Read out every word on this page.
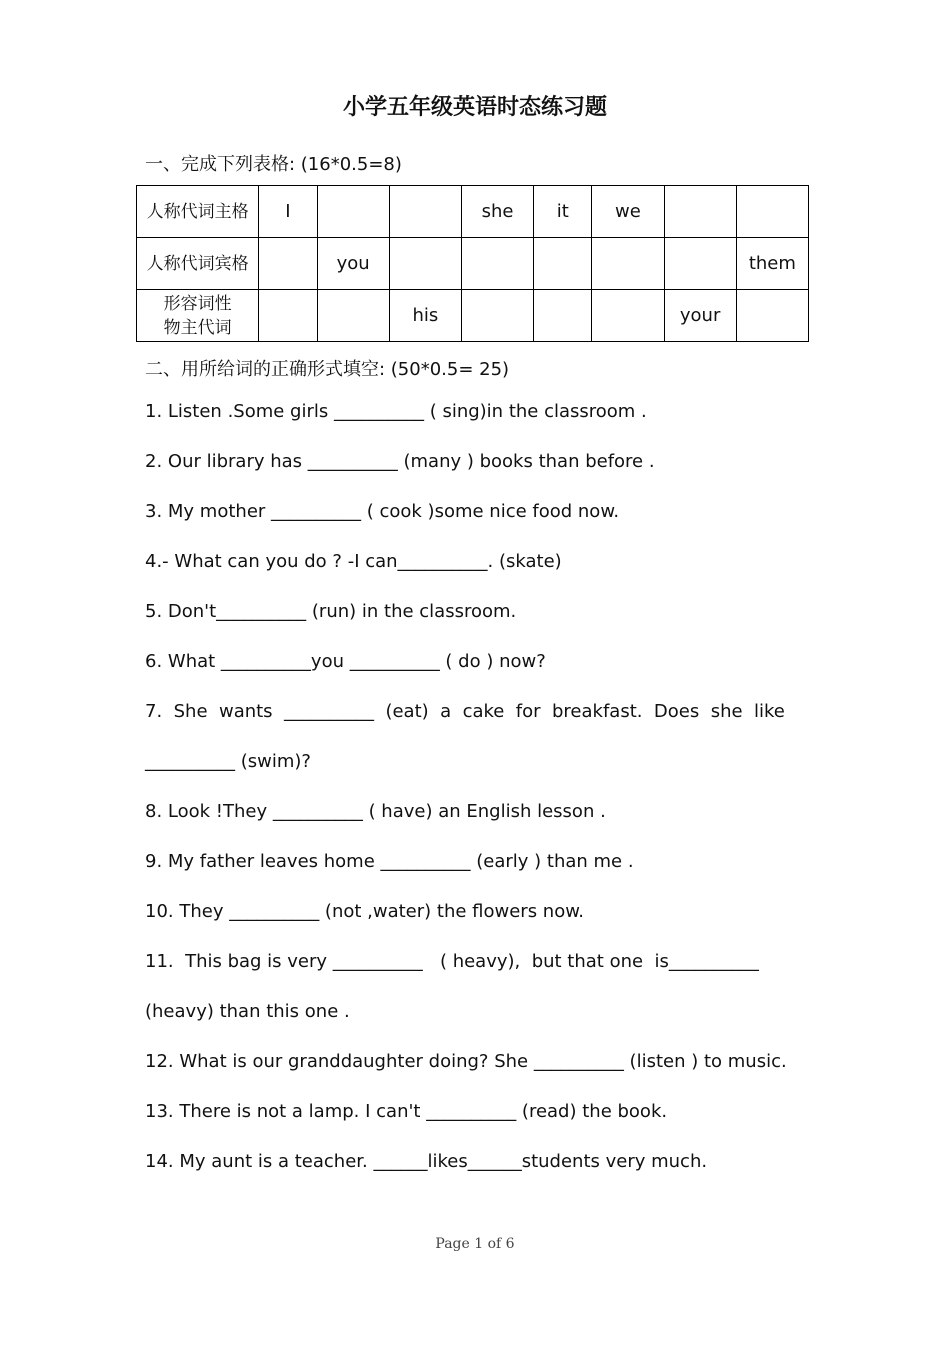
小学五年级英语时态练习题
一、完成下列表格: (16*0.5=8)
人称代词主格	I			she	it	we		
人称代词宾格		you						them

形容词性
物主代词			his				your	
二、用所给词的正确形式填空: (50*0.5= 25)
1. Listen .Some girls __________ ( sing)in the classroom .
2. Our library has __________ (many ) books than before .
3. My mother __________ ( cook )some nice food now.
4.- What can you do ? -I can__________. (skate)
5. Don't__________ (run) in the classroom.
6. What __________you __________ ( do ) now?
7.  She  wants  __________  (eat)  a  cake  for  breakfast.  Does  she  like
__________ (swim)?
8. Look !They __________ ( have) an English lesson .
9. My father leaves home __________ (early ) than me .
10. They __________ (not ,water) the flowers now.
11.  This bag is very __________   ( heavy),  but that one  is__________
(heavy) than this one .
12. What is our granddaughter doing? She __________ (listen ) to music.
13. There is not a lamp. I can't __________ (read) the book.
14. My aunt is a teacher. ______likes______students very much.
Page 1 of 6
